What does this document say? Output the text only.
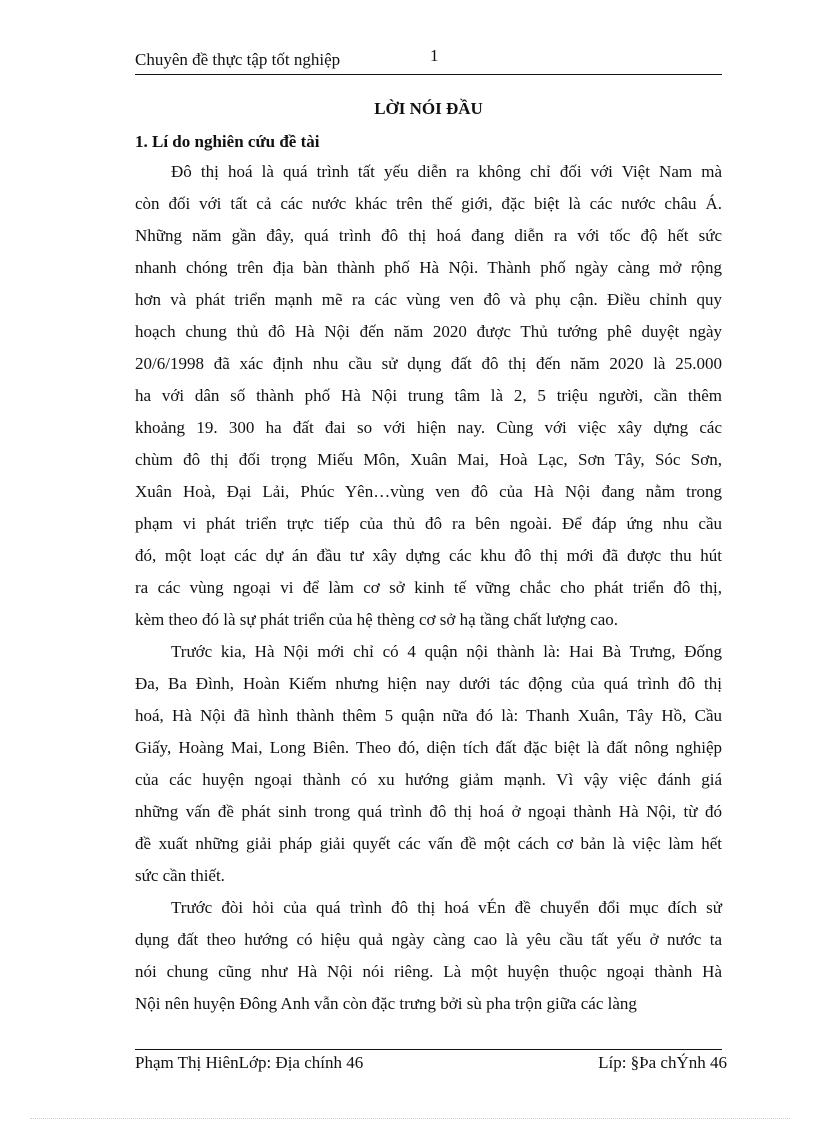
Chuyên đề thực tập tốt nghiệp	1
LỜI NÓI ĐẦU
1. Lí do nghiên cứu đề tài
Đô thị hoá là quá trình tất yếu diễn ra không chỉ đối với Việt Nam mà
còn đối với tất cả các nước khác trên thế giới, đặc biệt là các nước châu Á.
Những năm gần đây, quá trình đô thị hoá đang diễn ra với tốc độ hết sức
nhanh chóng trên địa bàn thành phố Hà Nội. Thành phố ngày càng mở rộng
hơn và phát triển mạnh mẽ ra các vùng ven đô và phụ cận. Điều chỉnh quy
hoạch chung thủ đô Hà Nội đến năm 2020 được Thủ tướng phê duyệt ngày
20/6/1998 đã xác định nhu cầu sử dụng đất đô thị đến năm 2020 là 25.000
ha với dân số thành phố Hà Nội trung tâm là 2, 5 triệu người, cần thêm
khoảng 19. 300 ha đất đai so với hiện nay. Cùng với việc xây dựng các
chùm đô thị đối trọng Miếu Môn, Xuân Mai, Hoà Lạc, Sơn Tây, Sóc Sơn,
Xuân Hoà, Đại Lải, Phúc Yên…vùng ven đô của Hà Nội đang nằm trong
phạm vi phát triển trực tiếp của thủ đô ra bên ngoài. Để đáp ứng nhu cầu
đó, một loạt các dự án đầu tư xây dựng các khu đô thị mới đã được thu hút
ra các vùng ngoại vi để làm cơ sở kinh tế vững chắc cho phát triển đô thị,
kèm theo đó là sự phát triển của hệ thèng cơ sở hạ tầng chất lượng cao.
Trước kia, Hà Nội mới chỉ có 4 quận nội thành là: Hai Bà Trưng, Đống
Đa, Ba Đình, Hoàn Kiếm nhưng hiện nay dưới tác động của quá trình đô thị
hoá, Hà Nội đã hình thành thêm 5 quận nữa đó là: Thanh Xuân, Tây Hồ, Cầu
Giấy, Hoàng Mai, Long Biên. Theo đó, diện tích đất đặc biệt là đất nông nghiệp
của các huyện ngoại thành có xu hướng giảm mạnh. Vì vậy việc đánh giá
những vấn đề phát sinh trong quá trình đô thị hoá ở ngoại thành Hà Nội, từ đó
đề xuất những giải pháp giải quyết các vấn đề một cách cơ bản là việc làm hết
sức cần thiết.
Trước đòi hỏi của quá trình đô thị hoá vÉn đề chuyển đổi mục đích sử
dụng đất theo hướng có hiệu quả ngày càng cao là yêu cầu tất yếu ở nước ta
nói chung cũng như Hà Nội nói riêng. Là một huyện thuộc ngoại thành Hà
Nội nên huyện Đông Anh vẫn còn đặc trưng bởi sù pha trộn giữa các làng
Phạm Thị HiênLớp: Địa chính 46	Líp: §Þa chÝnh 46
